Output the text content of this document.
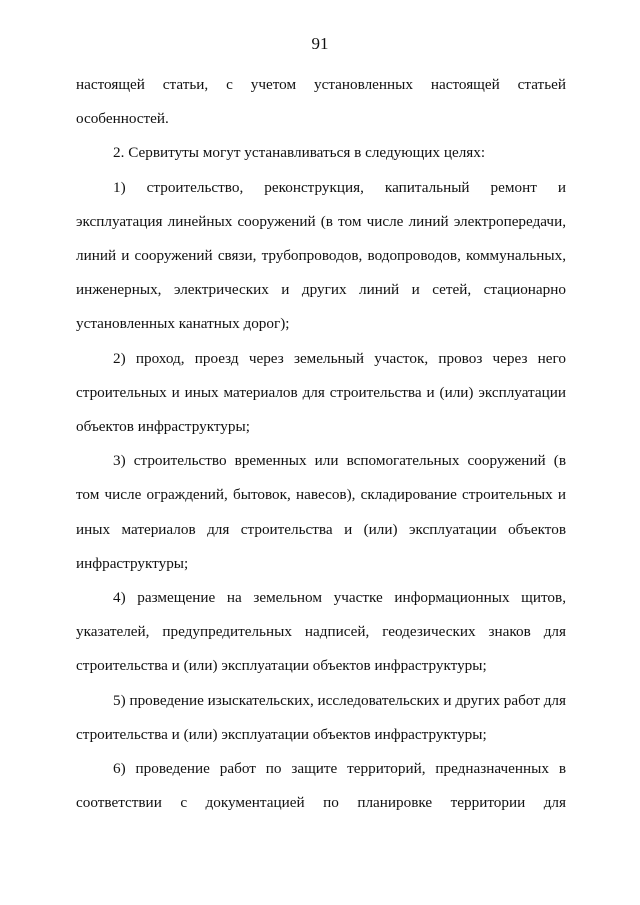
91

настоящей статьи, с учетом установленных настоящей статьей особенностей.

2. Сервитуты могут устанавливаться в следующих целях:

1) строительство, реконструкция, капитальный ремонт и эксплуатация линейных сооружений (в том числе линий электропередачи, линий и сооружений связи, трубопроводов, водопроводов, коммунальных, инженерных, электрических и других линий и сетей, стационарно установленных канатных дорог);

2) проход, проезд через земельный участок, провоз через него строительных и иных материалов для строительства и (или) эксплуатации объектов инфраструктуры;

3) строительство временных или вспомогательных сооружений (в том числе ограждений, бытовок, навесов), складирование строительных и иных материалов для строительства и (или) эксплуатации объектов инфраструктуры;

4) размещение на земельном участке информационных щитов, указателей, предупредительных надписей, геодезических знаков для строительства и (или) эксплуатации объектов инфраструктуры;

5) проведение изыскательских, исследовательских и других работ для строительства и (или) эксплуатации объектов инфраструктуры;

6) проведение работ по защите территорий, предназначенных в соответствии с документацией по планировке территории для
